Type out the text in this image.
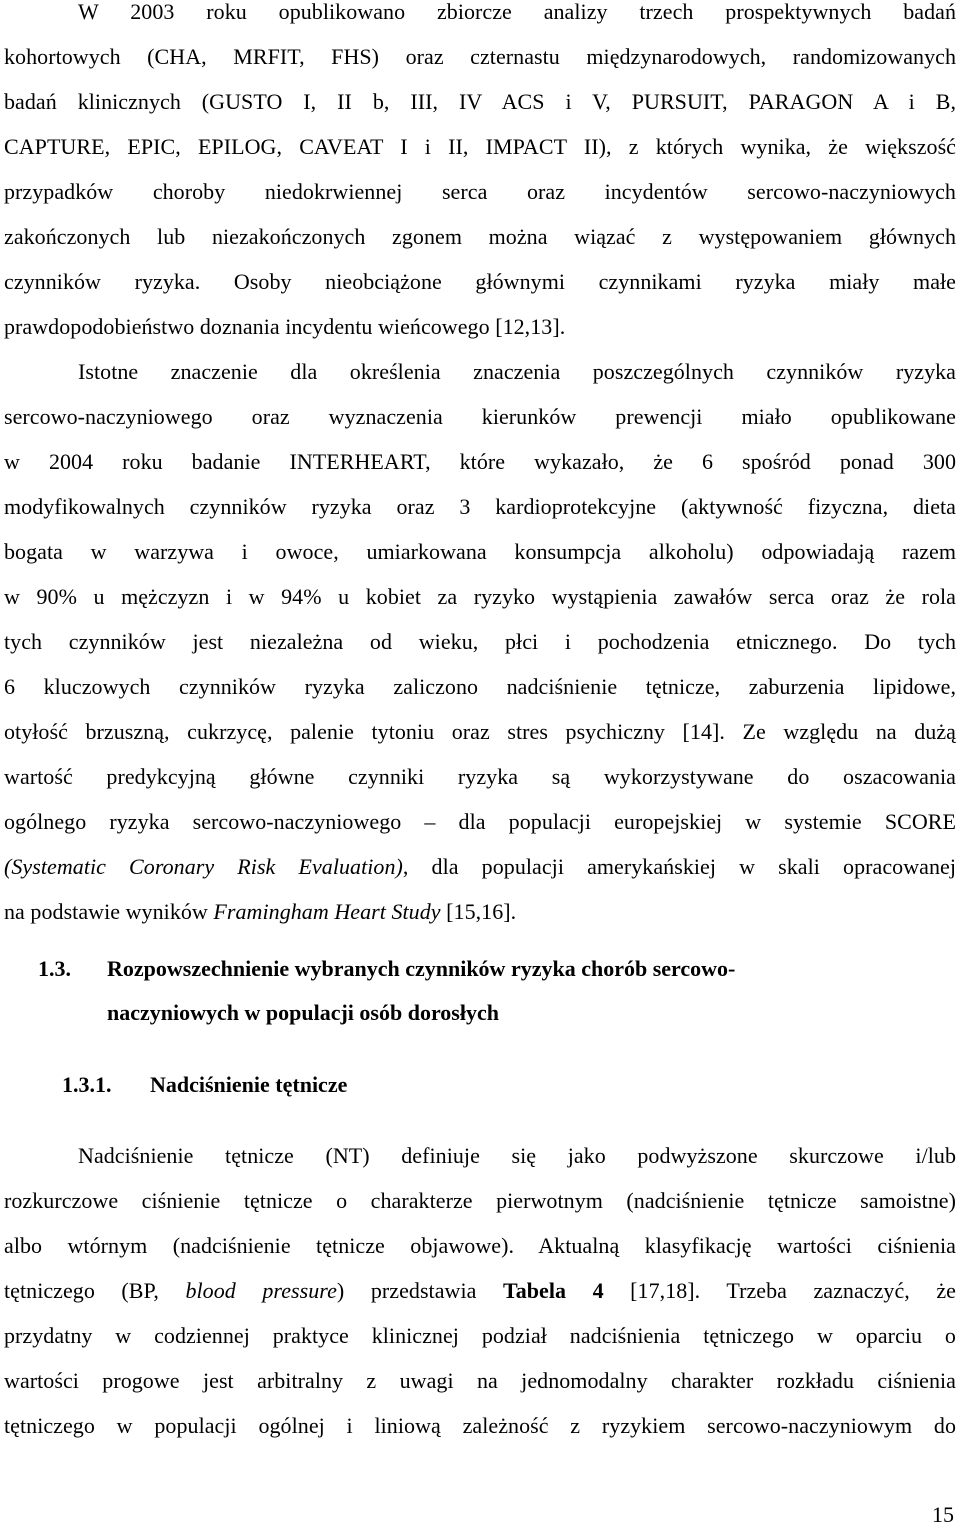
W 2003 roku opublikowano zbiorcze analizy trzech prospektywnych badań
kohortowych (CHA, MRFIT, FHS) oraz czternastu międzynarodowych, randomizowanych
badań klinicznych (GUSTO I, II b, III, IV ACS i V, PURSUIT, PARAGON A i B,
CAPTURE, EPIC, EPILOG, CAVEAT I i II, IMPACT II), z których wynika, że większość
przypadków choroby niedokrwiennej serca oraz incydentów sercowo-naczyniowych
zakończonych lub niezakończonych zgonem można wiązać z występowaniem głównych
czynników ryzyka. Osoby nieobciążone głównymi czynnikami ryzyka miały małe
prawdopodobieństwo doznania incydentu wieńcowego [12,13].
Istotne znaczenie dla określenia znaczenia poszczególnych czynników ryzyka
sercowo-naczyniowego oraz wyznaczenia kierunków prewencji miało opublikowane
w 2004 roku badanie INTERHEART, które wykazało, że 6 spośród ponad 300
modyfikowalnych czynników ryzyka oraz 3 kardioprotekcyjne (aktywność fizyczna, dieta
bogata w warzywa i owoce, umiarkowana konsumpcja alkoholu) odpowiadają razem
w 90% u mężczyzn i w 94% u kobiet za ryzyko wystąpienia zawałów serca oraz że rola
tych czynników jest niezależna od wieku, płci i pochodzenia etnicznego. Do tych
6 kluczowych czynników ryzyka zaliczono nadciśnienie tętnicze, zaburzenia lipidowe,
otyłość brzuszną, cukrzycę, palenie tytoniu oraz stres psychiczny [14]. Ze względu na dużą
wartość predykcyjną główne czynniki ryzyka są wykorzystywane do oszacowania
ogólnego ryzyka sercowo-naczyniowego – dla populacji europejskiej w systemie SCORE
(Systematic Coronary Risk Evaluation), dla populacji amerykańskiej w skali opracowanej
na podstawie wyników Framingham Heart Study [15,16].
1.3. Rozpowszechnienie wybranych czynników ryzyka chorób sercowo-
naczyniowych w populacji osób dorosłych
1.3.1. Nadciśnienie tętnicze
Nadciśnienie tętnicze (NT) definiuje się jako podwyższone skurczowe i/lub
rozkurczowe ciśnienie tętnicze o charakterze pierwotnym (nadciśnienie tętnicze samoistne)
albo wtórnym (nadciśnienie tętnicze objawowe). Aktualną klasyfikację wartości ciśnienia
tętniczego (BP, blood pressure) przedstawia Tabela 4 [17,18]. Trzeba zaznaczyć, że
przydatny w codziennej praktyce klinicznej podział nadciśnienia tętniczego w oparciu o
wartości progowe jest arbitralny z uwagi na jednomodalny charakter rozkładu ciśnienia
tętniczego w populacji ogólnej i liniową zależność z ryzykiem sercowo-naczyniowym do
15
